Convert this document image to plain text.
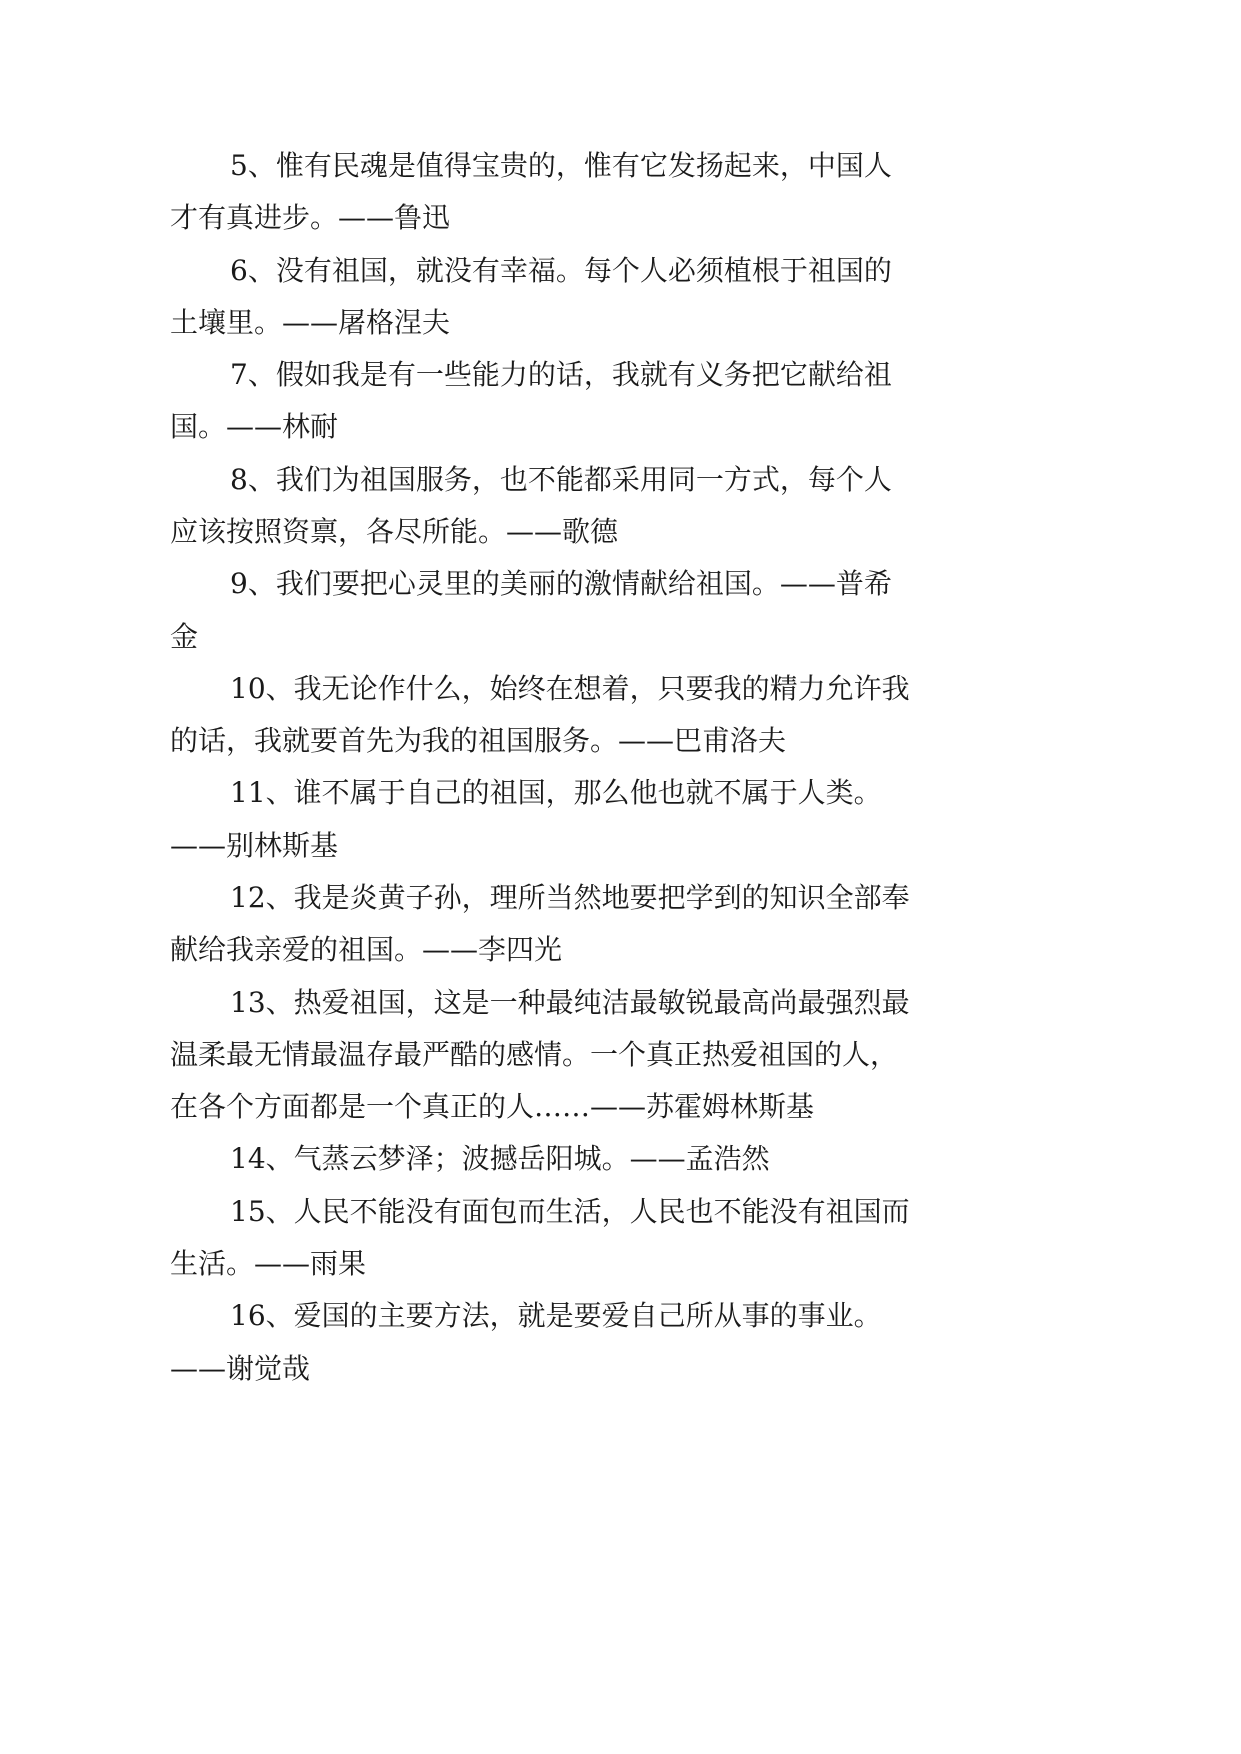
5、惟有民魂是值得宝贵的，惟有它发扬起来，中国人
才有真进步。——鲁迅
6、没有祖国，就没有幸福。每个人必须植根于祖国的
土壤里。——屠格涅夫
7、假如我是有一些能力的话，我就有义务把它献给祖
国。——林耐
8、我们为祖国服务，也不能都采用同一方式，每个人
应该按照资禀，各尽所能。——歌德
9、我们要把心灵里的美丽的激情献给祖国。——普希
金
10、我无论作什么，始终在想着，只要我的精力允许我
的话，我就要首先为我的祖国服务。——巴甫洛夫
11、谁不属于自己的祖国，那么他也就不属于人类。
——别林斯基
12、我是炎黄子孙，理所当然地要把学到的知识全部奉
献给我亲爱的祖国。——李四光
13、热爱祖国，这是一种最纯洁最敏锐最高尚最强烈最
温柔最无情最温存最严酷的感情。一个真正热爱祖国的人，
在各个方面都是一个真正的人……——苏霍姆林斯基
14、气蒸云梦泽；波撼岳阳城。——孟浩然
15、人民不能没有面包而生活，人民也不能没有祖国而
生活。——雨果
16、爱国的主要方法，就是要爱自己所从事的事业。
——谢觉哉
